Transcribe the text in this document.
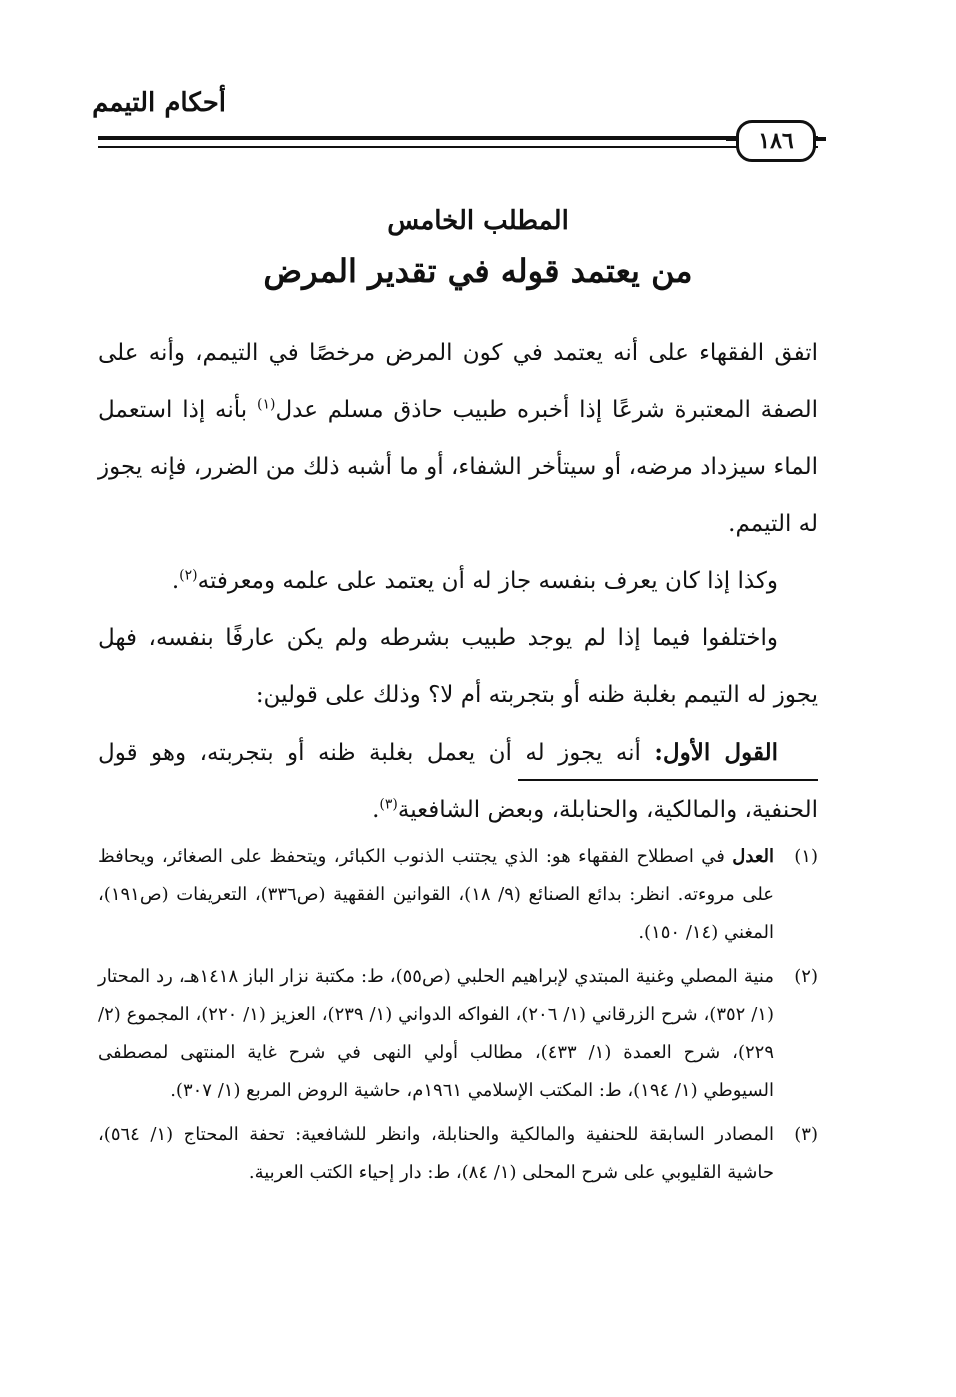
أحكام التيمم
١٨٦
المطلب الخامس
من يعتمد قوله في تقدير المرض

اتفق الفقهاء على أنه يعتمد في كون المرض مرخصًا في التيمم، وأنه على الصفة المعتبرة شرعًا إذا أخبره طبيب حاذق مسلم عدل$^{(١)}$ بأنه إذا استعمل الماء سيزداد مرضه، أو سيتأخر الشفاء، أو ما أشبه ذلك من الضرر، فإنه يجوز له التيمم.

وكذا إذا كان يعرف بنفسه جاز له أن يعتمد على علمه ومعرفته$^{(٢)}$.

واختلفوا فيما إذا لم يوجد طبيب بشرطه ولم يكن عارفًا بنفسه، فهل يجوز له التيمم بغلبة ظنه أو بتجربته أم لا؟ وذلك على قولين:

القول الأول: أنه يجوز له أن يعمل بغلبة ظنه أو بتجربته، وهو قول الحنفية، والمالكية، والحنابلة، وبعض الشافعية$^{(٣)}$.

(١)
العدل في اصطلاح الفقهاء هو: الذي يجتنب الذنوب الكبائر، ويتحفظ على الصغائر، ويحافظ على مروءته. انظر: بدائع الصنائع (٩/ ١٨)، القوانين الفقهية (ص٣٣٦)، التعريفات (ص١٩١)، المغني (١٤/ ١٥٠).
(٢)
منية المصلي وغنية المبتدي لإبراهيم الحلبي (ص٥٥)، ط: مكتبة نزار الباز ١٤١٨هـ، رد المحتار (١/ ٣٥٢)، شرح الزرقاني (١/ ٢٠٦)، الفواكه الدواني (١/ ٢٣٩)، العزيز (١/ ٢٢٠)، المجموع (٢/ ٢٢٩)، شرح العمدة (١/ ٤٣٣)، مطالب أولي النهى في شرح غاية المنتهى لمصطفى السيوطي (١/ ١٩٤)، ط: المكتب الإسلامي ١٩٦١م، حاشية الروض المربع (١/ ٣٠٧).
(٣)
المصادر السابقة للحنفية والمالكية والحنابلة، وانظر للشافعية: تحفة المحتاج (١/ ٥٦٤)، حاشية القليوبي على شرح المحلى (١/ ٨٤)، ط: دار إحياء الكتب العربية.
